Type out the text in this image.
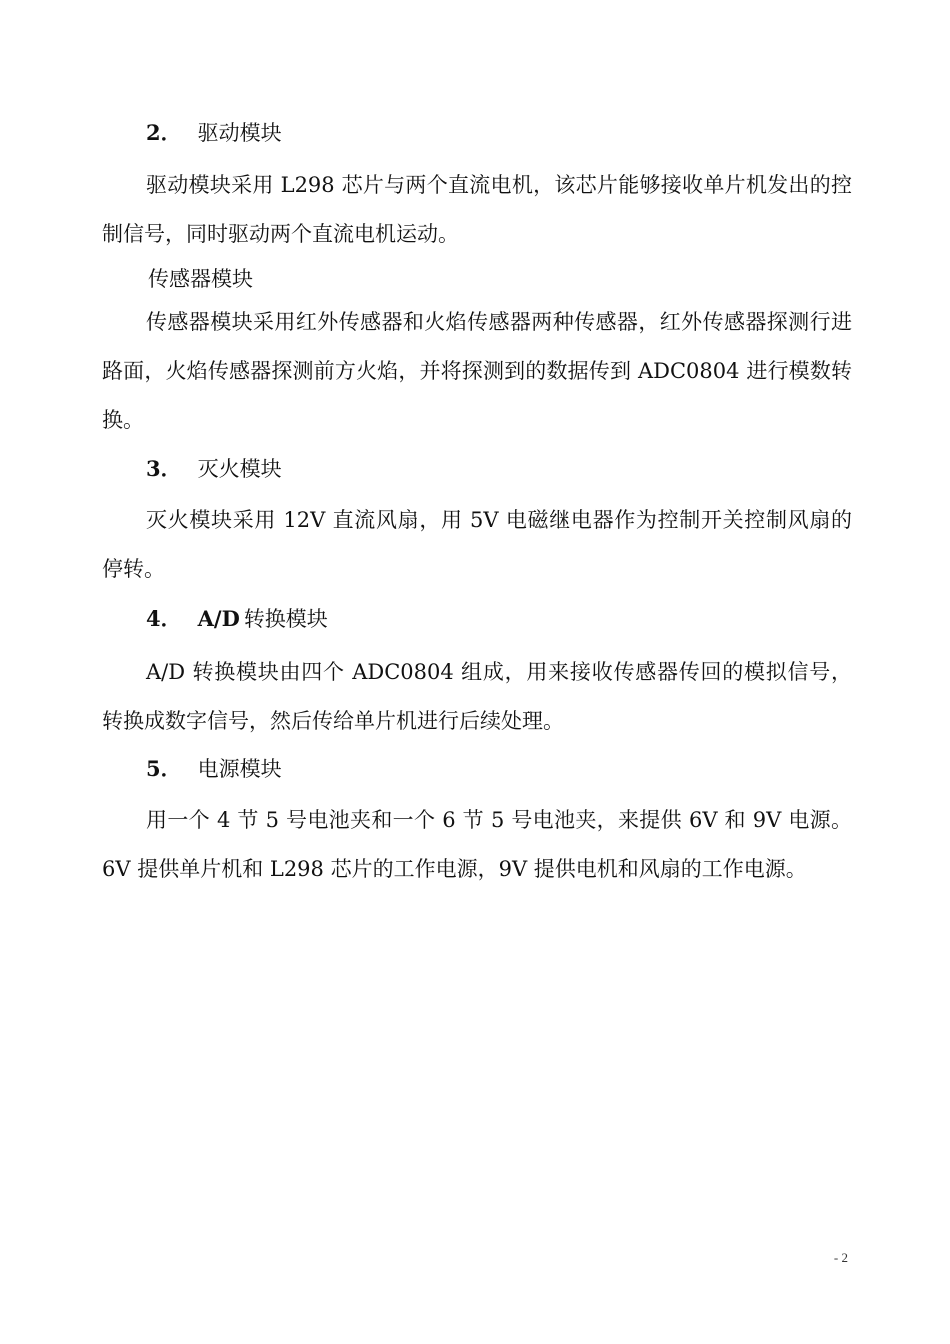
2． 驱动模块

驱动模块采用 L298 芯片与两个直流电机，该芯片能够接收单片机发出的控制信号，同时驱动两个直流电机运动。

传感器模块

传感器模块采用红外传感器和火焰传感器两种传感器，红外传感器探测行进路面，火焰传感器探测前方火焰，并将探测到的数据传到 ADC0804 进行模数转换。

3． 灭火模块

灭火模块采用 12V 直流风扇，用 5V 电磁继电器作为控制开关控制风扇的停转。

4． A/D 转换模块

A/D 转换模块由四个 ADC0804 组成，用来接收传感器传回的模拟信号，转换成数字信号，然后传给单片机进行后续处理。

5． 电源模块

用一个 4 节 5 号电池夹和一个 6 节 5 号电池夹，来提供 6V 和 9V 电源。6V 提供单片机和 L298 芯片的工作电源，9V 提供电机和风扇的工作电源。

- 2
